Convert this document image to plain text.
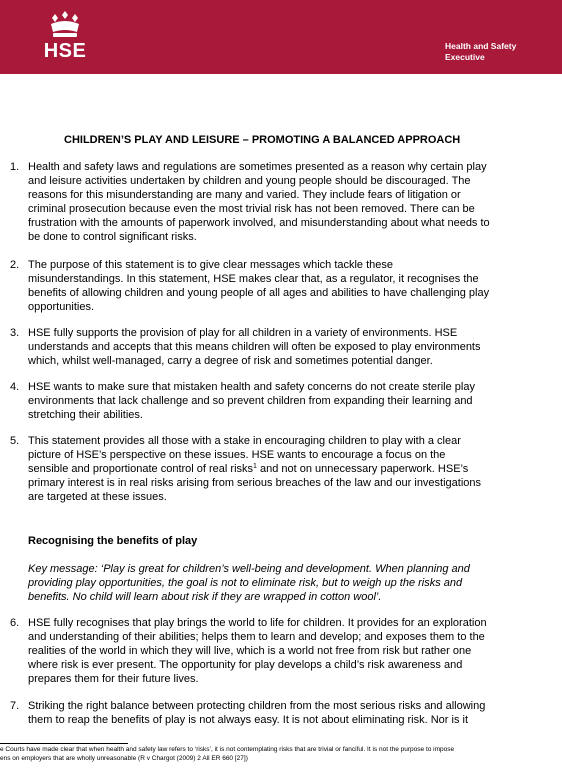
HSE	Health and Safety
Executive
CHILDREN’S PLAY AND LEISURE – PROMOTING A BALANCED APPROACH
1. Health and safety laws and regulations are sometimes presented as a reason why certain play
and leisure activities undertaken by children and young people should be discouraged. The
reasons for this misunderstanding are many and varied. They include fears of litigation or
criminal prosecution because even the most trivial risk has not been removed. There can be
frustration with the amounts of paperwork involved, and misunderstanding about what needs to
be done to control significant risks.
2. The purpose of this statement is to give clear messages which tackle these
misunderstandings. In this statement, HSE makes clear that, as a regulator, it recognises the
benefits of allowing children and young people of all ages and abilities to have challenging play
opportunities.
3. HSE fully supports the provision of play for all children in a variety of environments. HSE
understands and accepts that this means children will often be exposed to play environments
which, whilst well-managed, carry a degree of risk and sometimes potential danger.
4. HSE wants to make sure that mistaken health and safety concerns do not create sterile play
environments that lack challenge and so prevent children from expanding their learning and
stretching their abilities.
5. This statement provides all those with a stake in encouraging children to play with a clear
picture of HSE’s perspective on these issues. HSE wants to encourage a focus on the
sensible and proportionate control of real risks$^1$ and not on unnecessary paperwork. HSE’s
primary interest is in real risks arising from serious breaches of the law and our investigations
are targeted at these issues.
Recognising the benefits of play
Key message: ‘Play is great for children’s well-being and development. When planning and
providing play opportunities, the goal is not to eliminate risk, but to weigh up the risks and
benefits. No child will learn about risk if they are wrapped in cotton wool’.
6. HSE fully recognises that play brings the world to life for children. It provides for an exploration
and understanding of their abilities; helps them to learn and develop; and exposes them to the
realities of the world in which they will live, which is a world not free from risk but rather one
where risk is ever present. The opportunity for play develops a child’s risk awareness and
prepares them for their future lives.
7. Striking the right balance between protecting children from the most serious risks and allowing
them to reap the benefits of play is not always easy. It is not about eliminating risk. Nor is it
e Courts have made clear that when health and safety law refers to ‘risks’, it is not contemplating risks that are trivial or fanciful. It is not the purpose to impose
ens on employers that are wholly unreasonable (R v Chargot (2009) 2 All ER 660 [27])
